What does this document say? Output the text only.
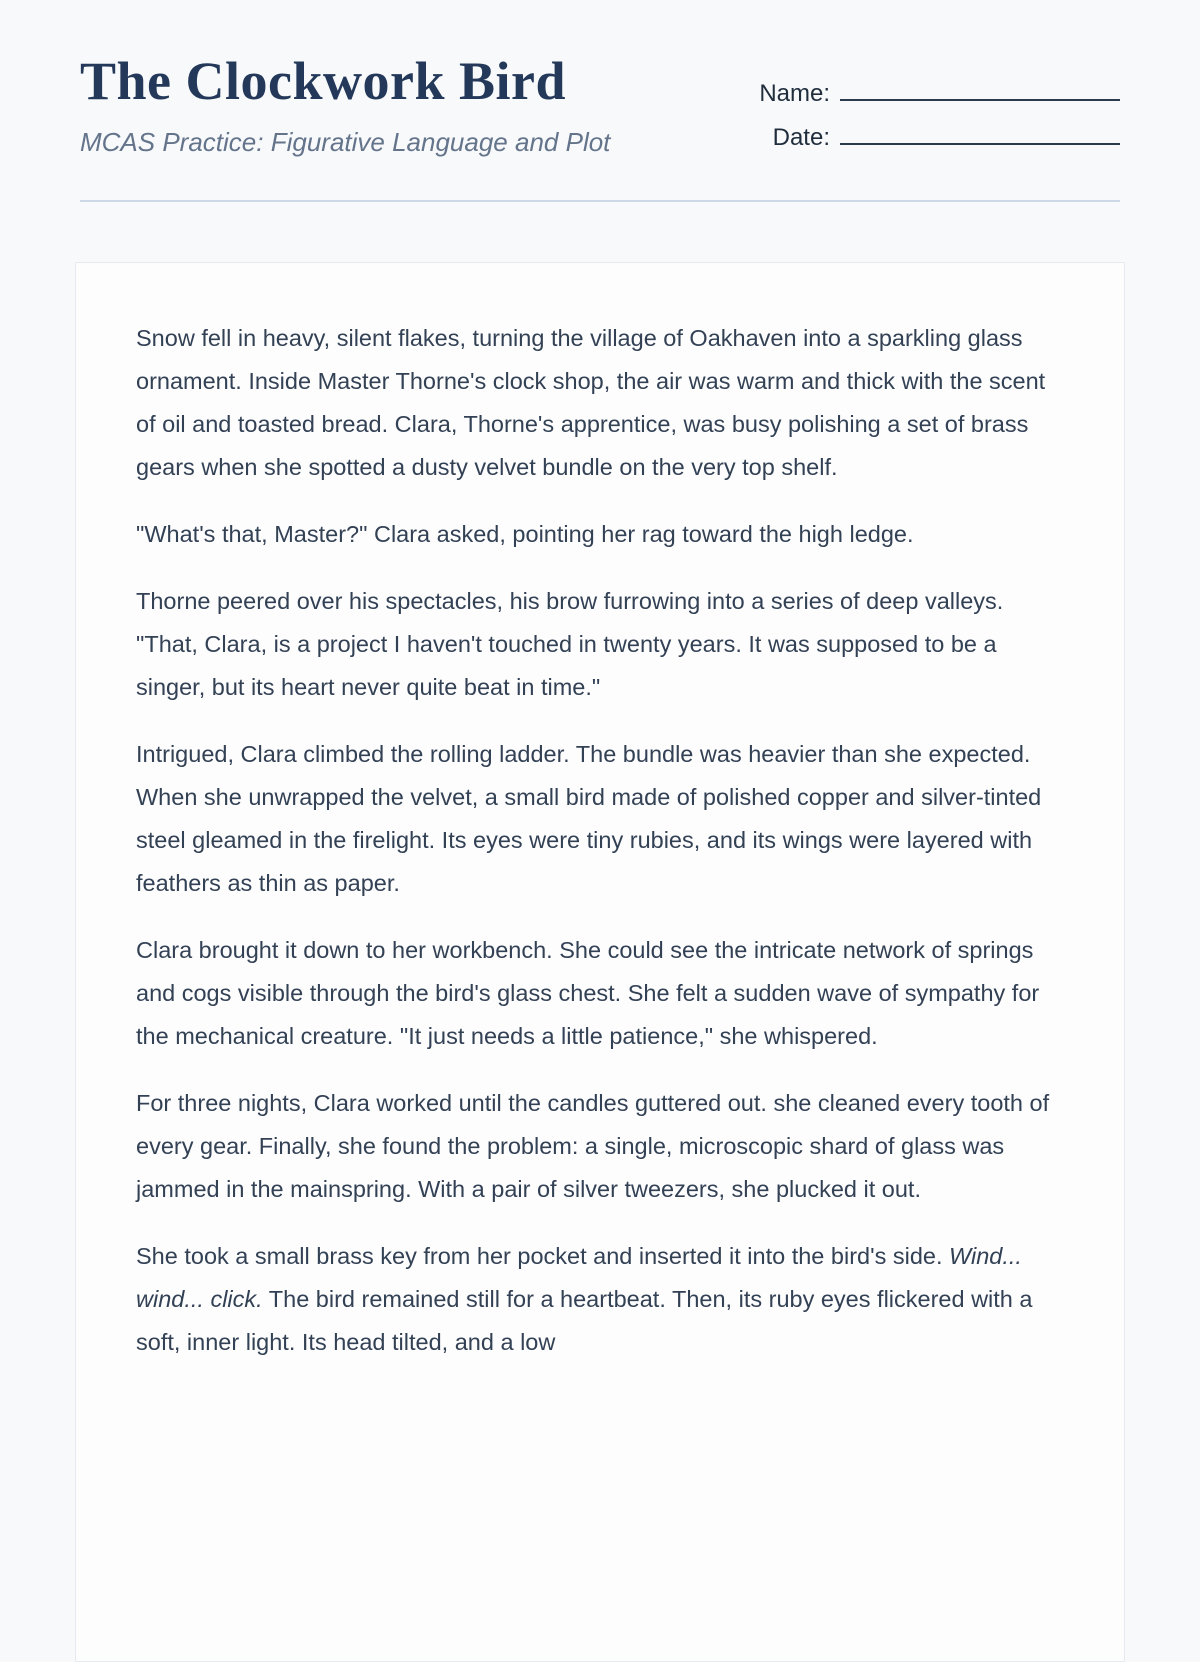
The Clockwork Bird
MCAS Practice: Figurative Language and Plot
Name:
Date:

Snow fell in heavy, silent flakes, turning the village of Oakhaven into a sparkling glass ornament. Inside Master Thorne's clock shop, the air was warm and thick with the scent of oil and toasted bread. Clara, Thorne's apprentice, was busy polishing a set of brass gears when she spotted a dusty velvet bundle on the very top shelf.

"What's that, Master?" Clara asked, pointing her rag toward the high ledge.

Thorne peered over his spectacles, his brow furrowing into a series of deep valleys. "That, Clara, is a project I haven't touched in twenty years. It was supposed to be a singer, but its heart never quite beat in time."

Intrigued, Clara climbed the rolling ladder. The bundle was heavier than she expected. When she unwrapped the velvet, a small bird made of polished copper and silver-tinted steel gleamed in the firelight. Its eyes were tiny rubies, and its wings were layered with feathers as thin as paper.

Clara brought it down to her workbench. She could see the intricate network of springs and cogs visible through the bird's glass chest. She felt a sudden wave of sympathy for the mechanical creature. "It just needs a little patience," she whispered.

For three nights, Clara worked until the candles guttered out. she cleaned every tooth of every gear. Finally, she found the problem: a single, microscopic shard of glass was jammed in the mainspring. With a pair of silver tweezers, she plucked it out.

She took a small brass key from her pocket and inserted it into the bird's side. Wind... wind... click. The bird remained still for a heartbeat. Then, its ruby eyes flickered with a soft, inner light. Its head tilted, and a low
